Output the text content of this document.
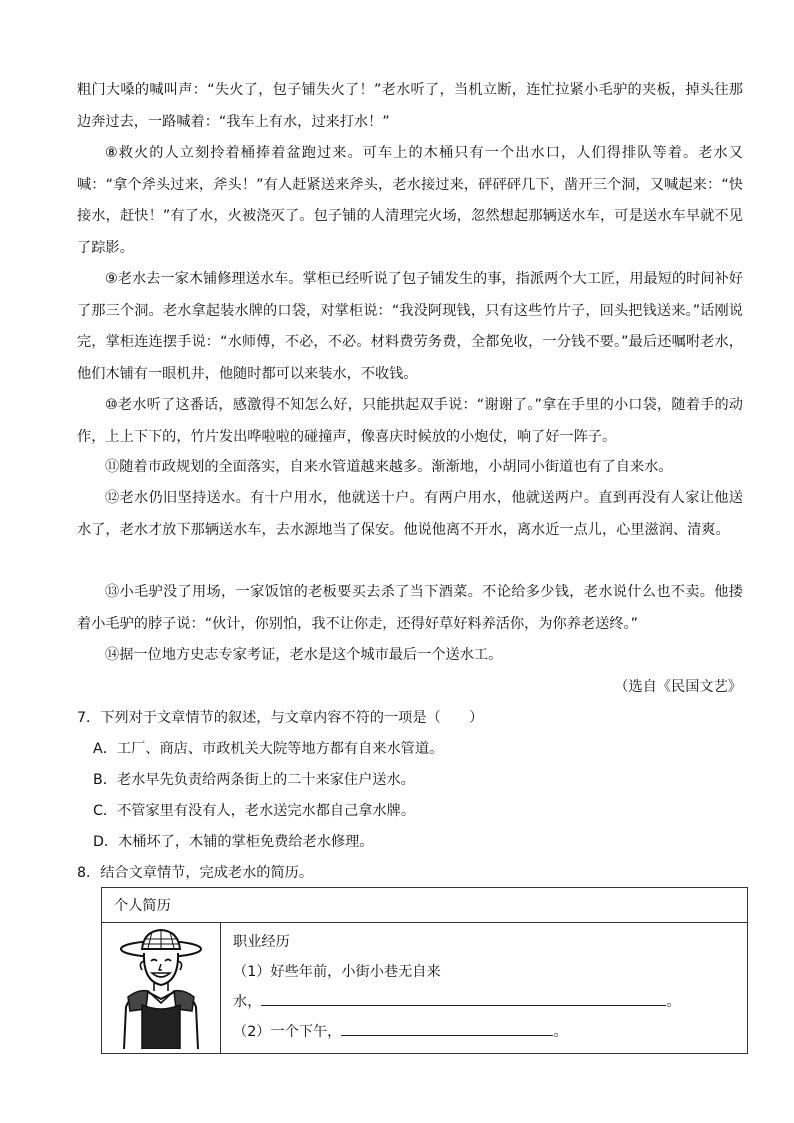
粗门大嗓的喊叫声：“失火了，包子铺失火了！”老水听了，当机立断，连忙拉紧小毛驴的夹板，掉头往那边奔过去，一路喊着：“我车上有水，过来打水！”

⑧救火的人立刻拎着桶捧着盆跑过来。可车上的木桶只有一个出水口，人们得排队等着。老水又喊：“拿个斧头过来，斧头！”有人赶紧送来斧头，老水接过来，砰砰砰几下，凿开三个洞，又喊起来：“快接水，赶快！”有了水，火被浇灭了。包子铺的人清理完火场，忽然想起那辆送水车，可是送水车早就不见了踪影。

⑨老水去一家木铺修理送水车。掌柜已经听说了包子铺发生的事，指派两个大工匠，用最短的时间补好了那三个洞。老水拿起装水牌的口袋，对掌柜说：“我没阿现钱，只有这些竹片子，回头把钱送来。”话刚说完，掌柜连连摆手说：“水师傅，不必，不必。材料费劳务费，全都免收，一分钱不要。”最后还嘱咐老水，他们木铺有一眼机井，他随时都可以来装水，不收钱。

⑩老水听了这番话，感激得不知怎么好，只能拱起双手说：“谢谢了。”拿在手里的小口袋，随着手的动作，上上下下的，竹片发出哗啦啦的碰撞声，像喜庆时候放的小炮仗，响了好一阵子。

⑪随着市政规划的全面落实，自来水管道越来越多。渐渐地，小胡同小街道也有了自来水。

⑫老水仍旧坚持送水。有十户用水，他就送十户。有两户用水，他就送两户。直到再没有人家让他送水了，老水才放下那辆送水车，去水源地当了保安。他说他离不开水，离水近一点儿，心里滋润、清爽。

⑬小毛驴没了用场，一家饭馆的老板要买去杀了当下酒菜。不论给多少钱，老水说什么也不卖。他搂着小毛驴的脖子说：“伙计，你别怕，我不让你走，还得好草好料养活你，为你养老送终。”

⑭据一位地方史志专家考证，老水是这个城市最后一个送水工。

（选自《民国文艺》
7．下列对于文章情节的叙述，与文章内容不符的一项是（　　）
A．工厂、商店、市政机关大院等地方都有自来水管道。
B．老水早先负责给两条街上的二十来家住户送水。
C．不管家里有没有人，老水送完水都自己拿水牌。
D．木桶坏了，木铺的掌柜免费给老水修理。
8．结合文章情节，完成老水的简历。
个人简历

职业经历
（1）好些年前，小街小巷无自来
水，	。
（2）一个下午，	。
